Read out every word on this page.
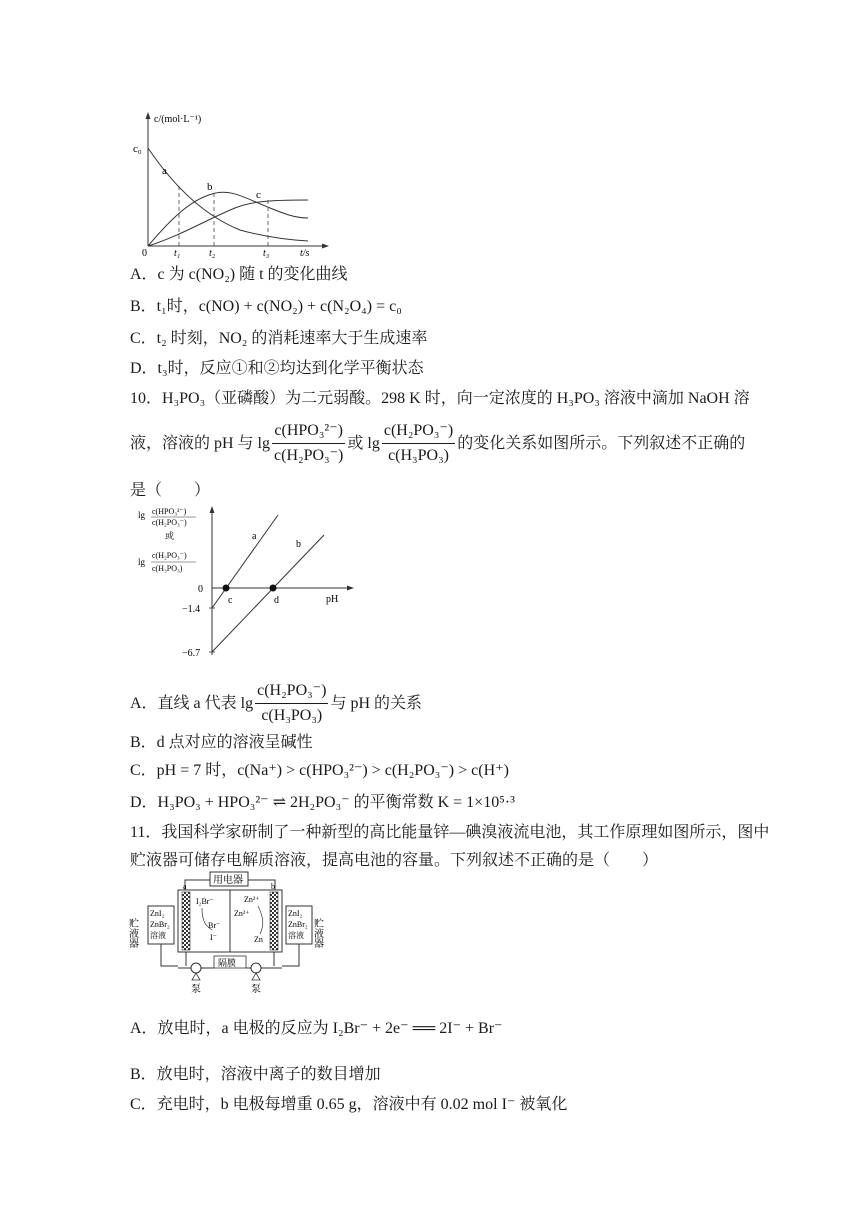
c/(mol·L⁻¹)
c₀
0	t/s
t₁	t₂	t₃
a
b
c
A．c 为 c(NO₂) 随 t 的变化曲线
B．t₁时，c(NO) + c(NO₂) + c(N₂O₄) = c₀
C．t₂ 时刻，NO₂ 的消耗速率大于生成速率
D．t₃时，反应①和②均达到化学平衡状态
10．H₃PO₃（亚磷酸）为二元弱酸。298 K 时，向一定浓度的 H₃PO₃ 溶液中滴加 NaOH 溶
液，溶液的 pH 与 $\lg \frac{\text{c(HPO₃²⁻)}}{\text{c(H₂PO₃⁻)}}$ 或 $\lg \frac{\text{c(H₂PO₃⁻)}}{\text{c(H₃PO₃)}}$ 的变化关系如图所示。下列叙述不正确的
是（　　）
lg c(HPO₃²⁻)
c(H₂PO₃⁻)
或
lg
c(H₂PO₃⁻)
c(H₃PO₃)
0
−1.4
−6.7
pH
a
b
c	d
A．直线 a 代表 $\lg \frac{\text{c(H₂PO₃⁻)}}{\text{c(H₃PO₃)}}$ 与 pH 的关系
B．d 点对应的溶液呈碱性
C．pH = 7 时，c(Na⁺) > c(HPO₃²⁻) > c(H₂PO₃⁻) > c(H⁺)
D．H₃PO₃ + HPO₃²⁻ ⇌ 2H₂PO₃⁻ 的平衡常数 K = 1×10⁵·³
11．我国科学家研制了一种新型的高比能量锌—碘溴液流电池，其工作原理如图所示，图中
贮液器可储存电解质溶液，提高电池的容量。下列叙述不正确的是（　　）
用电器
贮液器
ZnI₂
ZnBr₂
溶液	贮液器
ZnI₂
ZnBr₂
溶液
a	b
I₂Br⁻
Br⁻
I⁻
Zn²⁺
Zn²⁺
Zn
隔膜
泵	泵
A．放电时，a 电极的反应为 I₂Br⁻ + 2e⁻ ══ 2I⁻ + Br⁻
B．放电时，溶液中离子的数目增加
C．充电时，b 电极每增重 0.65 g，溶液中有 0.02 mol I⁻ 被氧化
